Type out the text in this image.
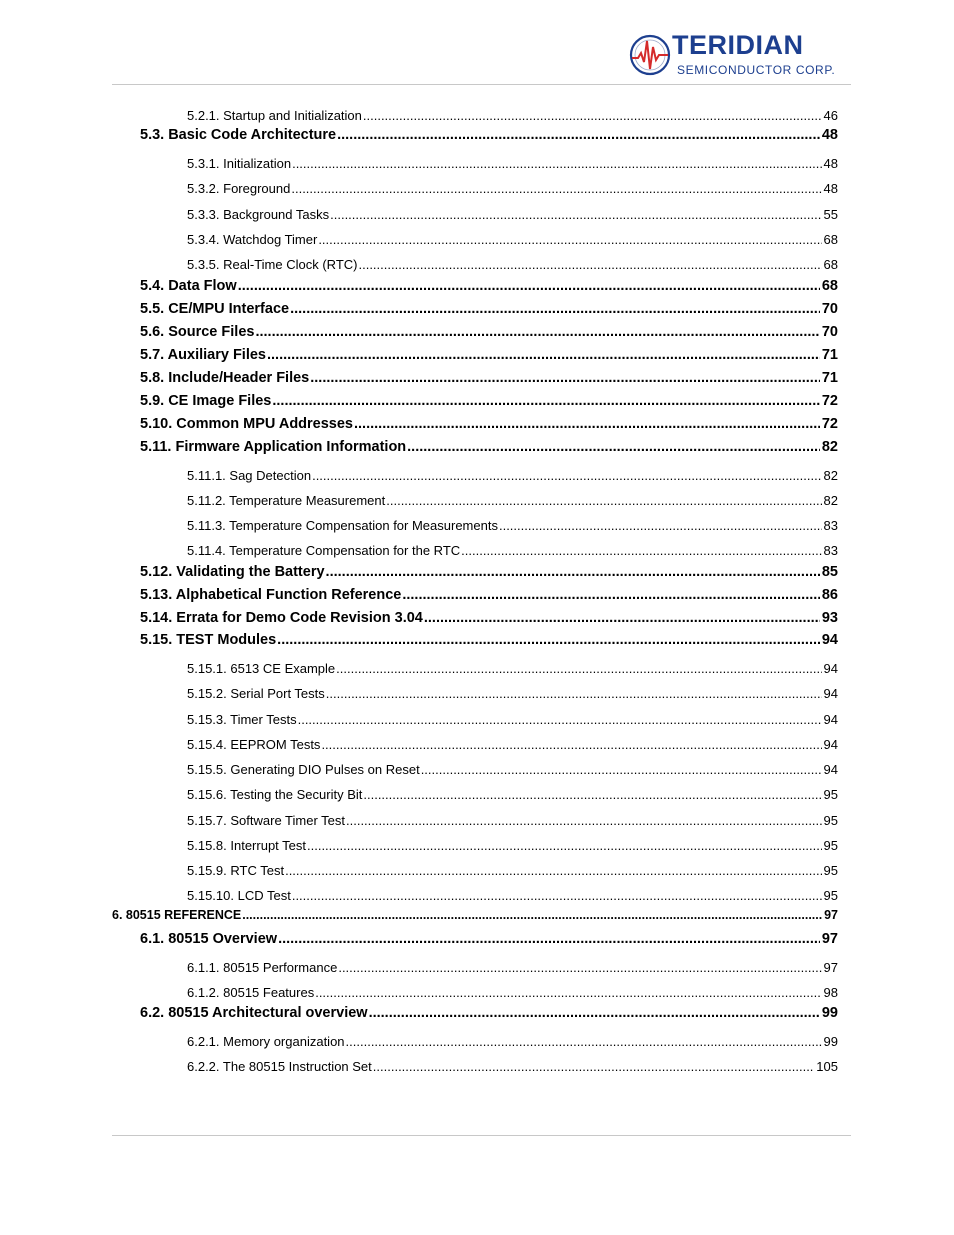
TERIDIAN
SEMICONDUCTOR CORP.
5.2.1. Startup and Initialization .....	46
5.3. Basic Code Architecture .....	48
5.3.1. Initialization .....	48
5.3.2. Foreground .....	48
5.3.3. Background Tasks .....	55
5.3.4. Watchdog Timer .....	68
5.3.5. Real-Time Clock (RTC) .....	68
5.4. Data Flow .....	68
5.5. CE/MPU Interface .....	70
5.6. Source Files .....	70
5.7. Auxiliary Files .....	71
5.8. Include/Header Files .....	71
5.9. CE Image Files .....	72
5.10. Common MPU Addresses .....	72
5.11. Firmware Application Information .....	82
5.11.1. Sag Detection .....	82
5.11.2. Temperature Measurement .....	82
5.11.3. Temperature Compensation for Measurements .....	83
5.11.4. Temperature Compensation for the RTC .....	83
5.12. Validating the Battery .....	85
5.13. Alphabetical Function Reference .....	86
5.14. Errata for Demo Code Revision 3.04 .....	93
5.15. TEST Modules .....	94
5.15.1. 6513 CE Example .....	94
5.15.2. Serial Port Tests .....	94
5.15.3. Timer Tests .....	94
5.15.4. EEPROM Tests .....	94
5.15.5. Generating DIO Pulses on Reset .....	94
5.15.6. Testing the Security Bit .....	95
5.15.7. Software Timer Test .....	95
5.15.8. Interrupt Test .....	95
5.15.9. RTC Test .....	95
5.15.10. LCD Test .....	95
6. 80515 REFERENCE .....	97
6.1. 80515 Overview .....	97
6.1.1. 80515 Performance .....	97
6.1.2. 80515 Features .....	98
6.2. 80515 Architectural overview .....	99
6.2.1. Memory organization .....	99
6.2.2. The 80515 Instruction Set .....	105
